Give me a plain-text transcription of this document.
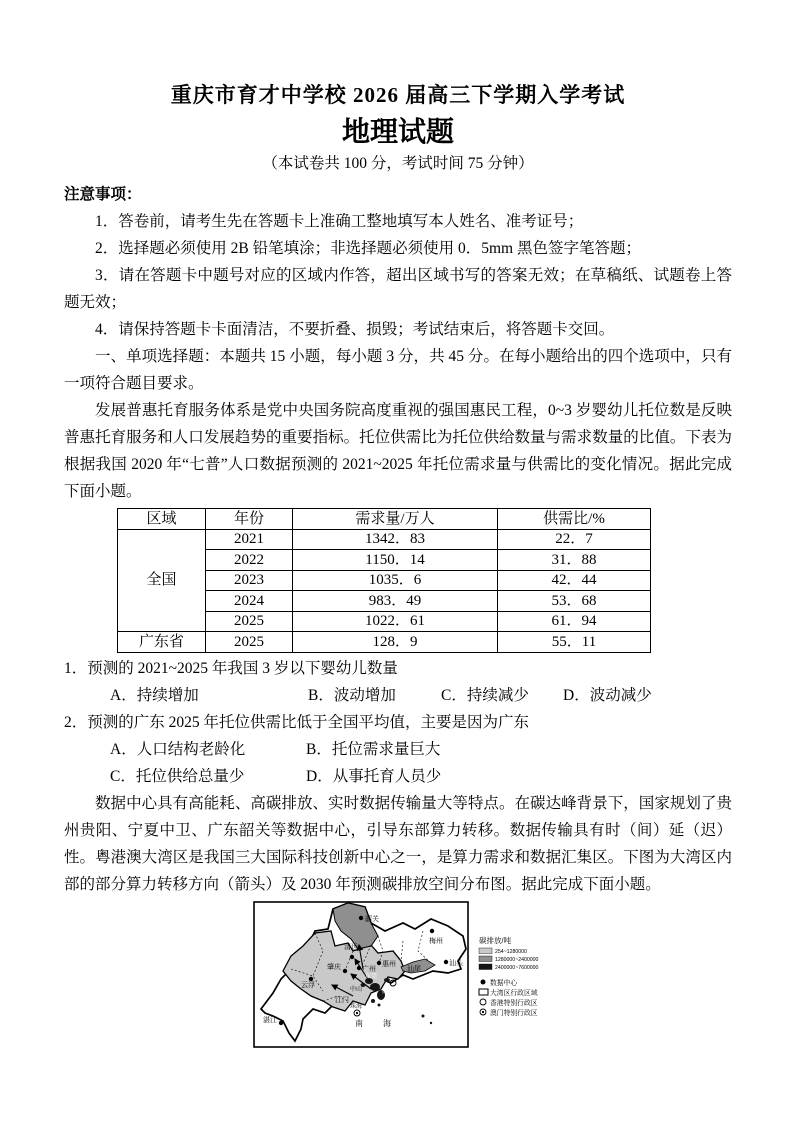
重庆市育才中学校 2026 届高三下学期入学考试
地理试题
（本试卷共 100 分，考试时间 75 分钟）
注意事项：

1．答卷前，请考生先在答题卡上准确工整地填写本人姓名、准考证号；

2．选择题必须使用 2B 铅笔填涂；非选择题必须使用 0．5mm 黑色签字笔答题；

3．请在答题卡中题号对应的区域内作答，超出区域书写的答案无效；在草稿纸、试题卷上答题无效；

4．请保持答题卡卡面清洁，不要折叠、损毁；考试结束后，将答题卡交回。

一、单项选择题：本题共 15 小题，每小题 3 分，共 45 分。在每小题给出的四个选项中，只有一项符合题目要求。

发展普惠托育服务体系是党中央国务院高度重视的强国惠民工程，0~3 岁婴幼儿托位数是反映普惠托育服务和人口发展趋势的重要指标。托位供需比为托位供给数量与需求数量的比值。下表为根据我国 2020 年“七普”人口数据预测的 2021~2025 年托位需求量与供需比的变化情况。据此完成下面小题。

区域	年份	需求量/万人	供需比/%
全国	2021	1342．83	22．7
	2022	1150．14	31．88
	2023	1035．6	42．44
	2024	983．49	53．68
	2025	1022．61	61．94
广东省	2025	128．9	55．11

1．预测的 2021~2025 年我国 3 岁以下婴幼儿数量

A．持续增加	B．波动增加	C．持续减少 D．波动减少

2．预测的广东 2025 年托位供需比低于全国平均值，主要是因为广东

A．人口结构老龄化	B．托位需求量巨大

C．托位供给总量少	D．从事托育人员少

数据中心具有高能耗、高碳排放、实时数据传输量大等特点。在碳达峰背景下，国家规划了贵州贵阳、宁夏中卫、广东韶关等数据中心，引导东部算力转移。数据传输具有时（间）延（迟）性。粤港澳大湾区是我国三大国际科技创新中心之一，是算力需求和数据汇集区。下图为大湾区内部的部分算力转移方向（箭头）及 2030 年预测碳排放空间分布图。据此完成下面小题。

韶关
清远
梅州
汕头
肇庆	广州
惠州
汕尾
云浮
东莞
深圳
中山
江门
珠海
湛江	南　海
碳排放/吨
254~1280000
1280000~2400000
2400000~7600000
数据中心
大湾区行政区域
香港特别行政区
澳门特别行政区
